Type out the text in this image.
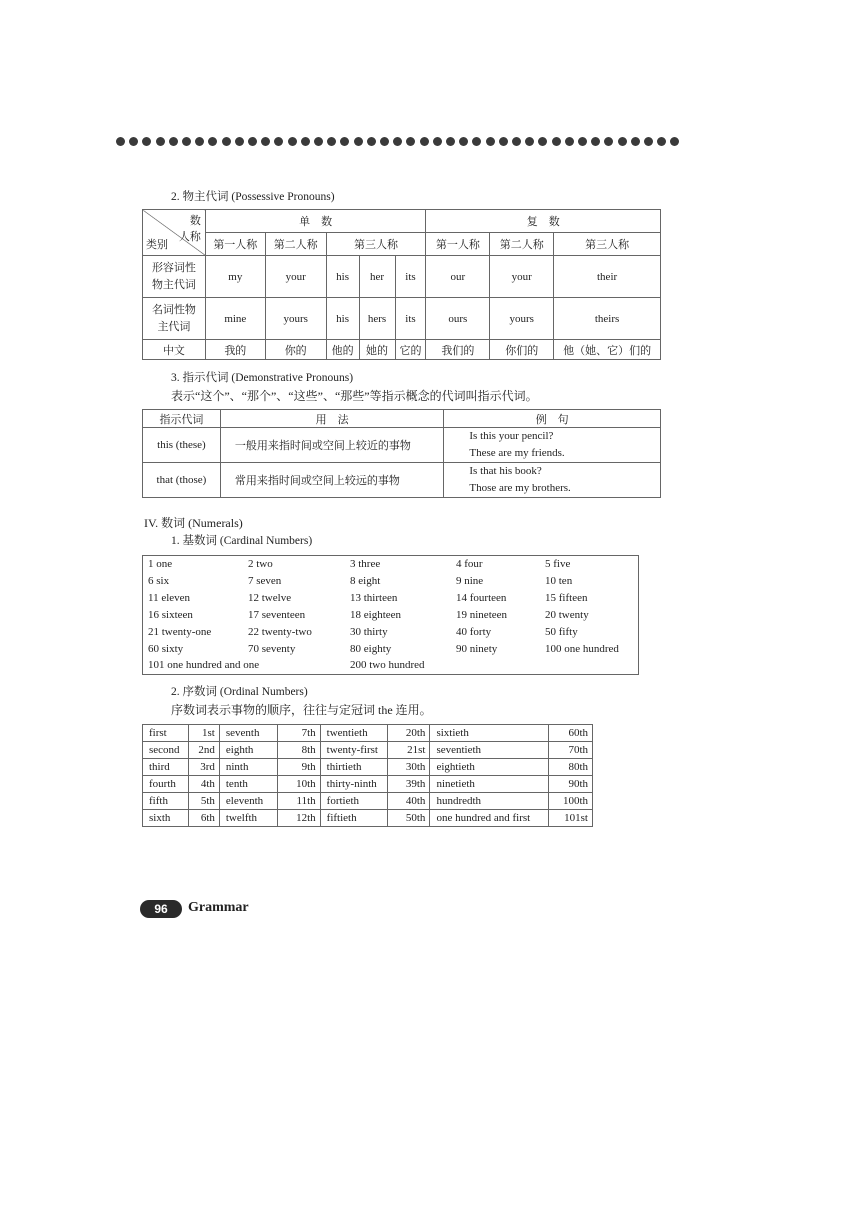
2. 物主代词 (Possessive Pronouns)
数
人称
类别	单　数					复　数		
	第一人称	第二人称	第三人称			第一人称	第二人称	第三人称
形容词性物主代词	my	your	his	her	its	our	your	their
名词性物主代词	mine	yours	his	hers	its	ours	yours	theirs
中文	我的	你的	他的	她的	它的	我们的	你们的	他（她、它）们的
3. 指示代词 (Demonstrative Pronouns)
表示“这个”、“那个”、“这些”、“那些”等指示概念的代词叫指示代词。
指示代词	用　法	例　句
this (these)	一般用来指时间或空间上较近的事物	Is this your pencil?
These are my friends.

that (those)	常用来指时间或空间上较远的事物	Is that his book?
Those are my brothers.
IV. 数词 (Numerals)
1. 基数词 (Cardinal Numbers)
1 one	2 two	3 three	4 four	5 five
6 six	7 seven	8 eight	9 nine	10 ten
11 eleven	12 twelve	13 thirteen	14 fourteen	15 fifteen
16 sixteen	17 seventeen	18 eighteen	19 nineteen	20 twenty
21 twenty-one	22 twenty-two	30 thirty	40 forty	50 fifty
60 sixty	70 seventy	80 eighty	90 ninety	100 one hundred
101 one hundred and one	200 two hundred
2. 序数词 (Ordinal Numbers)
序数词表示事物的顺序，往往与定冠词 the 连用。
first	1st	seventh	7th	twentieth	20th	sixtieth	60th
second	2nd	eighth	8th	twenty-first	21st	seventieth	70th
third	3rd	ninth	9th	thirtieth	30th	eightieth	80th
fourth	4th	tenth	10th	thirty-ninth	39th	ninetieth	90th
fifth	5th	eleventh	11th	fortieth	40th	hundredth	100th
sixth	6th	twelfth	12th	fiftieth	50th	one hundred and first	101st
96	Grammar
